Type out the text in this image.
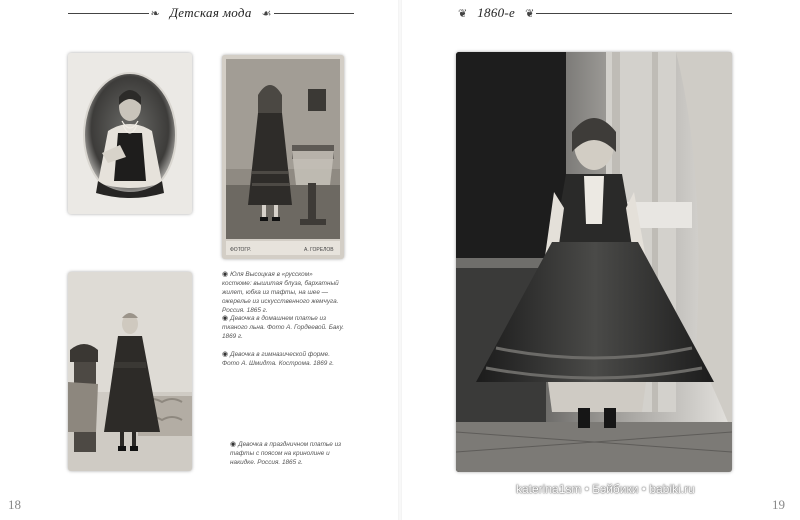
❧ Детская мода ☙	❦ 1860-е ❦
ФОТОГР.	А. ГОРЕЛОВ
◉ Юля Высоцкая в «русском» костюме: вышитая блуза, бархатный жилет, юбка из тафты, на шее — ожерелье из искусственного жемчуга. Россия. 1865 г.
◉ Девочка в домашнем платье из тканого льна. Фото А. Гордеевой. Баку. 1869 г.
◉ Девочка в гимназической форме. Фото А. Шмидта. Кострома. 1869 г.
◉ Девочка в праздничном платье из тафты с поясом на кринолине и накидке. Россия. 1865 г.
18	19
katerina1sm • Бэйбики • babiki.ru
